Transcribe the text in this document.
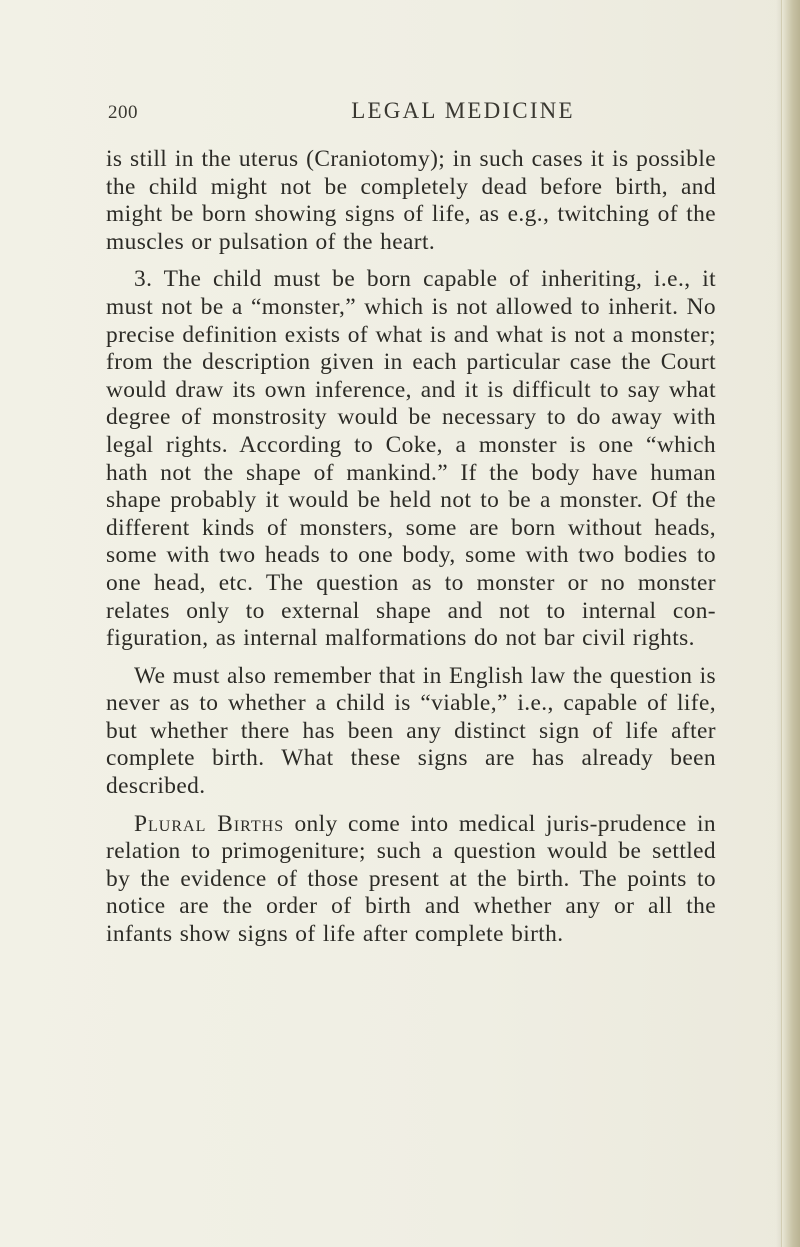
200	LEGAL MEDICINE

is still in the uterus (Craniotomy); in such cases it is possible the child might not be completely dead before birth, and might be born showing signs of life, as e.g., twitching of the muscles or pulsation of the heart.

3. The child must be born capable of inheriting, i.e., it must not be a “monster,” which is not allowed to inherit. No precise definition exists of what is and what is not a monster; from the description given in each particular case the Court would draw its own inference, and it is difficult to say what degree of monstrosity would be necessary to do away with legal rights. According to Coke, a monster is one “which hath not the shape of mankind.” If the body have human shape probably it would be held not to be a monster. Of the different kinds of monsters, some are born without heads, some with two heads to one body, some with two bodies to one head, etc. The question as to monster or no monster relates only to external shape and not to internal con-figuration, as internal malformations do not bar civil rights.

We must also remember that in English law the question is never as to whether a child is “viable,” i.e., capable of life, but whether there has been any distinct sign of life after complete birth. What these signs are has already been described.

Plural Births only come into medical juris-prudence in relation to primogeniture; such a question would be settled by the evidence of those present at the birth. The points to notice are the order of birth and whether any or all the infants show signs of life after complete birth.
